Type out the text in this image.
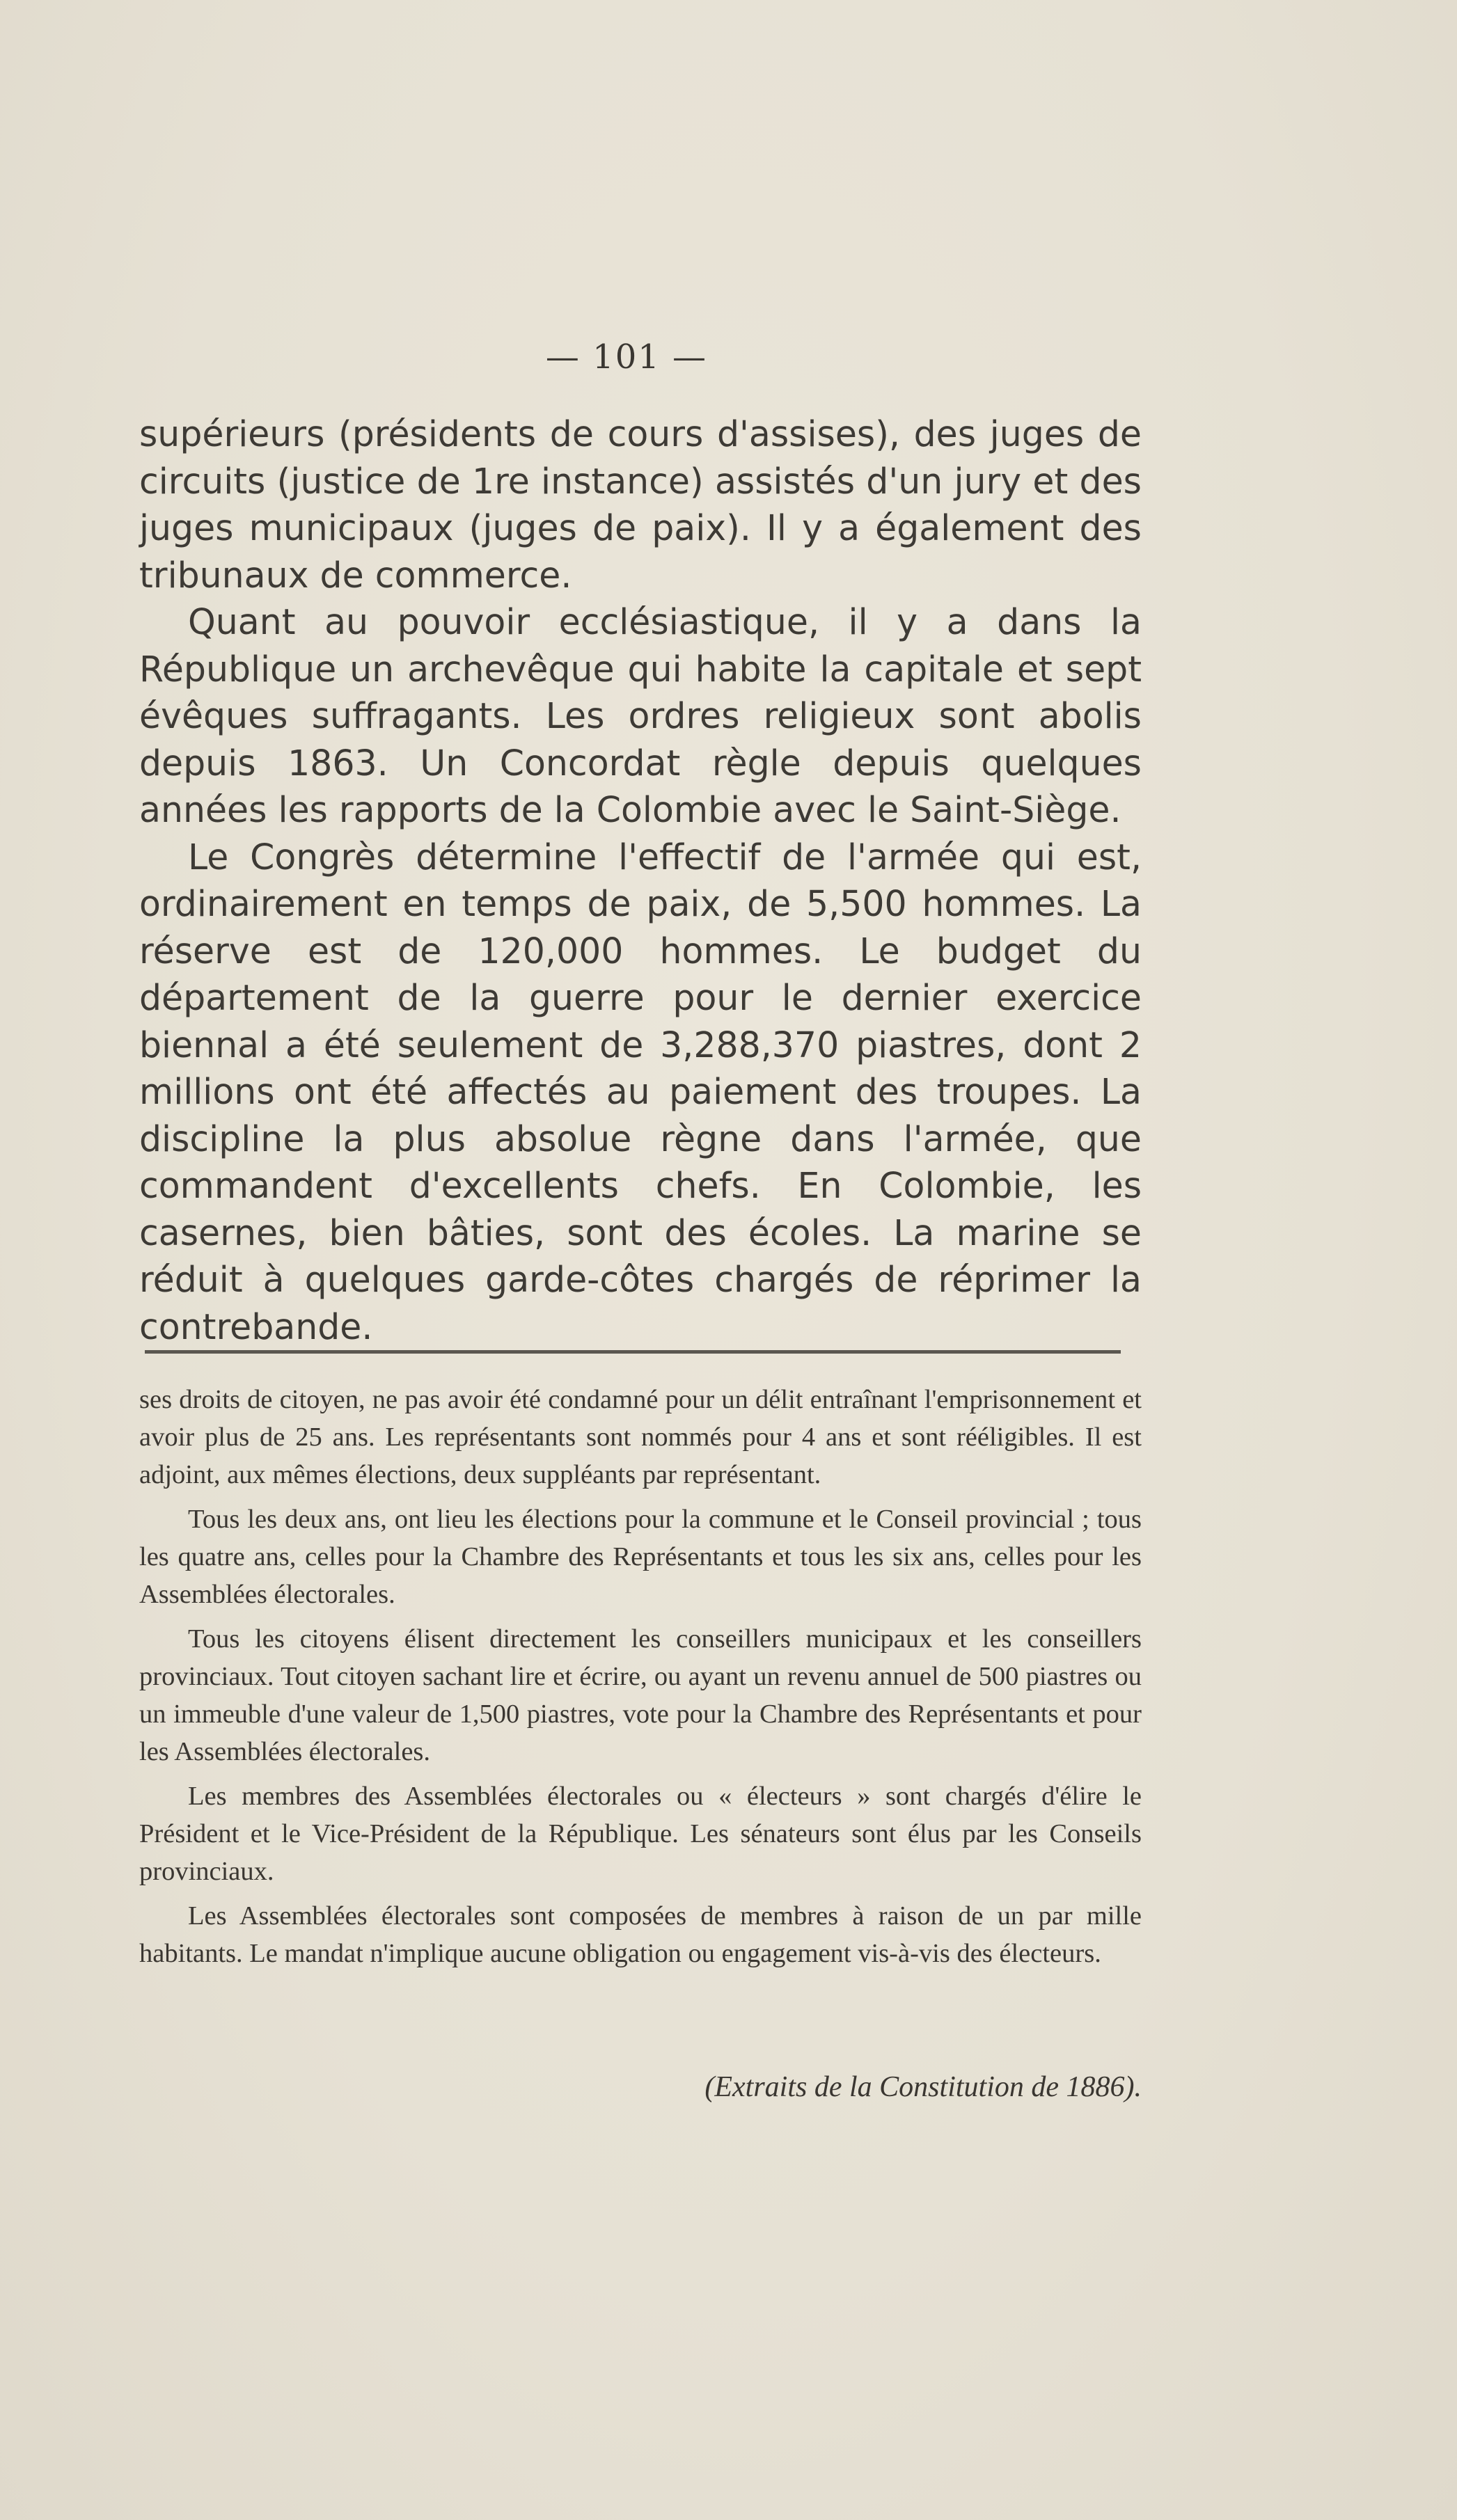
— 101 —

supérieurs (présidents de cours d'assises), des juges de circuits (justice de 1re instance) assistés d'un jury et des juges municipaux (juges de paix). Il y a également des tribunaux de commerce.

Quant au pouvoir ecclésiastique, il y a dans la République un archevêque qui habite la capitale et sept évêques suffragants. Les ordres religieux sont abolis depuis 1863. Un Concordat règle depuis quelques années les rapports de la Colombie avec le Saint-Siège.

Le Congrès détermine l'effectif de l'armée qui est, ordinairement en temps de paix, de 5,500 hommes. La réserve est de 120,000 hommes. Le budget du département de la guerre pour le dernier exercice biennal a été seulement de 3,288,370 piastres, dont 2 millions ont été affectés au paiement des troupes. La discipline la plus absolue règne dans l'armée, que commandent d'excellents chefs. En Colombie, les casernes, bien bâties, sont des écoles. La marine se réduit à quelques garde-côtes chargés de réprimer la contrebande.

ses droits de citoyen, ne pas avoir été condamné pour un délit entraînant l'emprisonnement et avoir plus de 25 ans. Les représentants sont nommés pour 4 ans et sont rééligibles. Il est adjoint, aux mêmes élections, deux suppléants par représentant.

Tous les deux ans, ont lieu les élections pour la commune et le Conseil provincial ; tous les quatre ans, celles pour la Chambre des Représentants et tous les six ans, celles pour les Assemblées électorales.

Tous les citoyens élisent directement les conseillers municipaux et les conseillers provinciaux. Tout citoyen sachant lire et écrire, ou ayant un revenu annuel de 500 piastres ou un immeuble d'une valeur de 1,500 piastres, vote pour la Chambre des Représentants et pour les Assemblées électorales.

Les membres des Assemblées électorales ou « électeurs » sont chargés d'élire le Président et le Vice-Président de la République. Les sénateurs sont élus par les Conseils provinciaux.

Les Assemblées électorales sont composées de membres à raison de un par mille habitants. Le mandat n'implique aucune obligation ou engagement vis-à-vis des électeurs.

(Extraits de la Constitution de 1886).
